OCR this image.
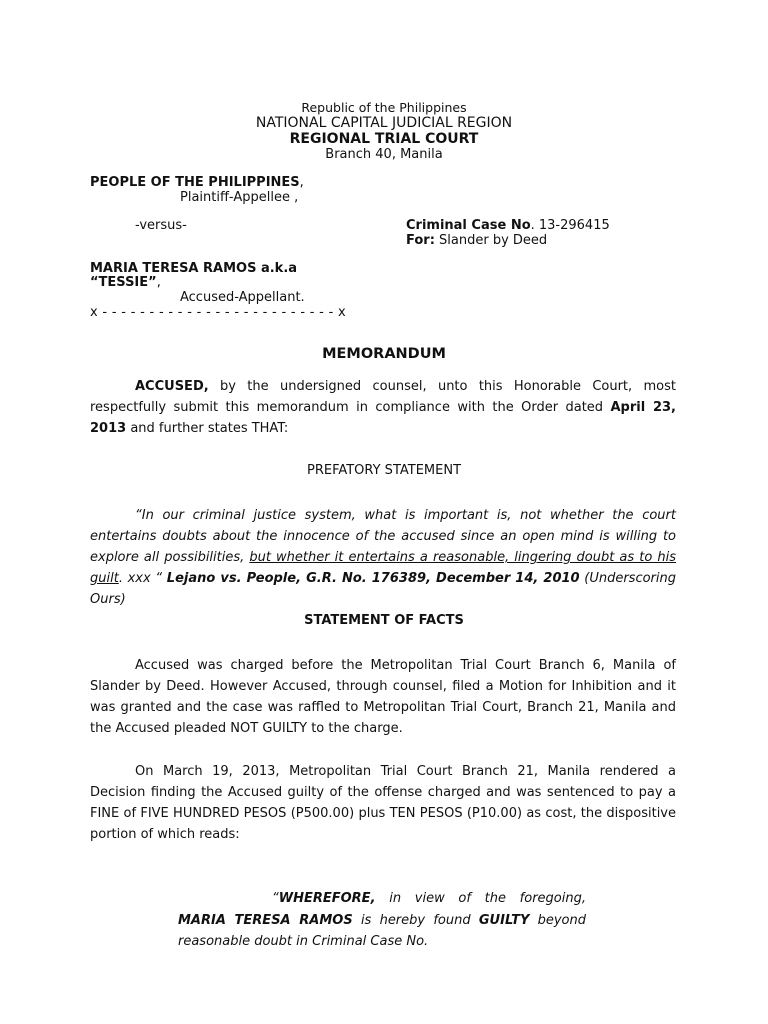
Republic of the Philippines
NATIONAL CAPITAL JUDICIAL REGION
REGIONAL TRIAL COURT
Branch 40, Manila
PEOPLE OF THE PHILIPPINES,
Plaintiff-Appellee ,
-versus-	Criminal Case No. 13-296415
For: Slander by Deed
MARIA TERESA RAMOS a.k.a
“TESSIE”,
Accused-Appellant.
x - - - - - - - - - - - - - - - - - - - - - - - - - x
MEMORANDUM

ACCUSED, by the undersigned counsel, unto this Honorable Court, most respectfully submit this memorandum in compliance with the Order dated April 23, 2013 and further states THAT:

PREFATORY STATEMENT

“In our criminal justice system, what is important is, not whether the court entertains doubts about the innocence of the accused since an open mind is willing to explore all possibilities, but whether it entertains a reasonable, lingering doubt as to his guilt. xxx “ Lejano vs. People, G.R. No. 176389, December 14, 2010 (Underscoring Ours)

STATEMENT OF FACTS

Accused was charged before the Metropolitan Trial Court Branch 6, Manila of Slander by Deed. However Accused, through counsel, filed a Motion for Inhibition and it was granted and the case was raffled to Metropolitan Trial Court, Branch 21, Manila and the Accused pleaded NOT GUILTY to the charge.

On March 19, 2013, Metropolitan Trial Court Branch 21, Manila rendered a Decision finding the Accused guilty of the offense charged and was sentenced to pay a FINE of FIVE HUNDRED PESOS (P500.00) plus TEN PESOS (P10.00) as cost, the dispositive portion of which reads:

“WHEREFORE, in view of the foregoing, MARIA TERESA RAMOS is hereby found GUILTY beyond reasonable doubt in Criminal Case No.
